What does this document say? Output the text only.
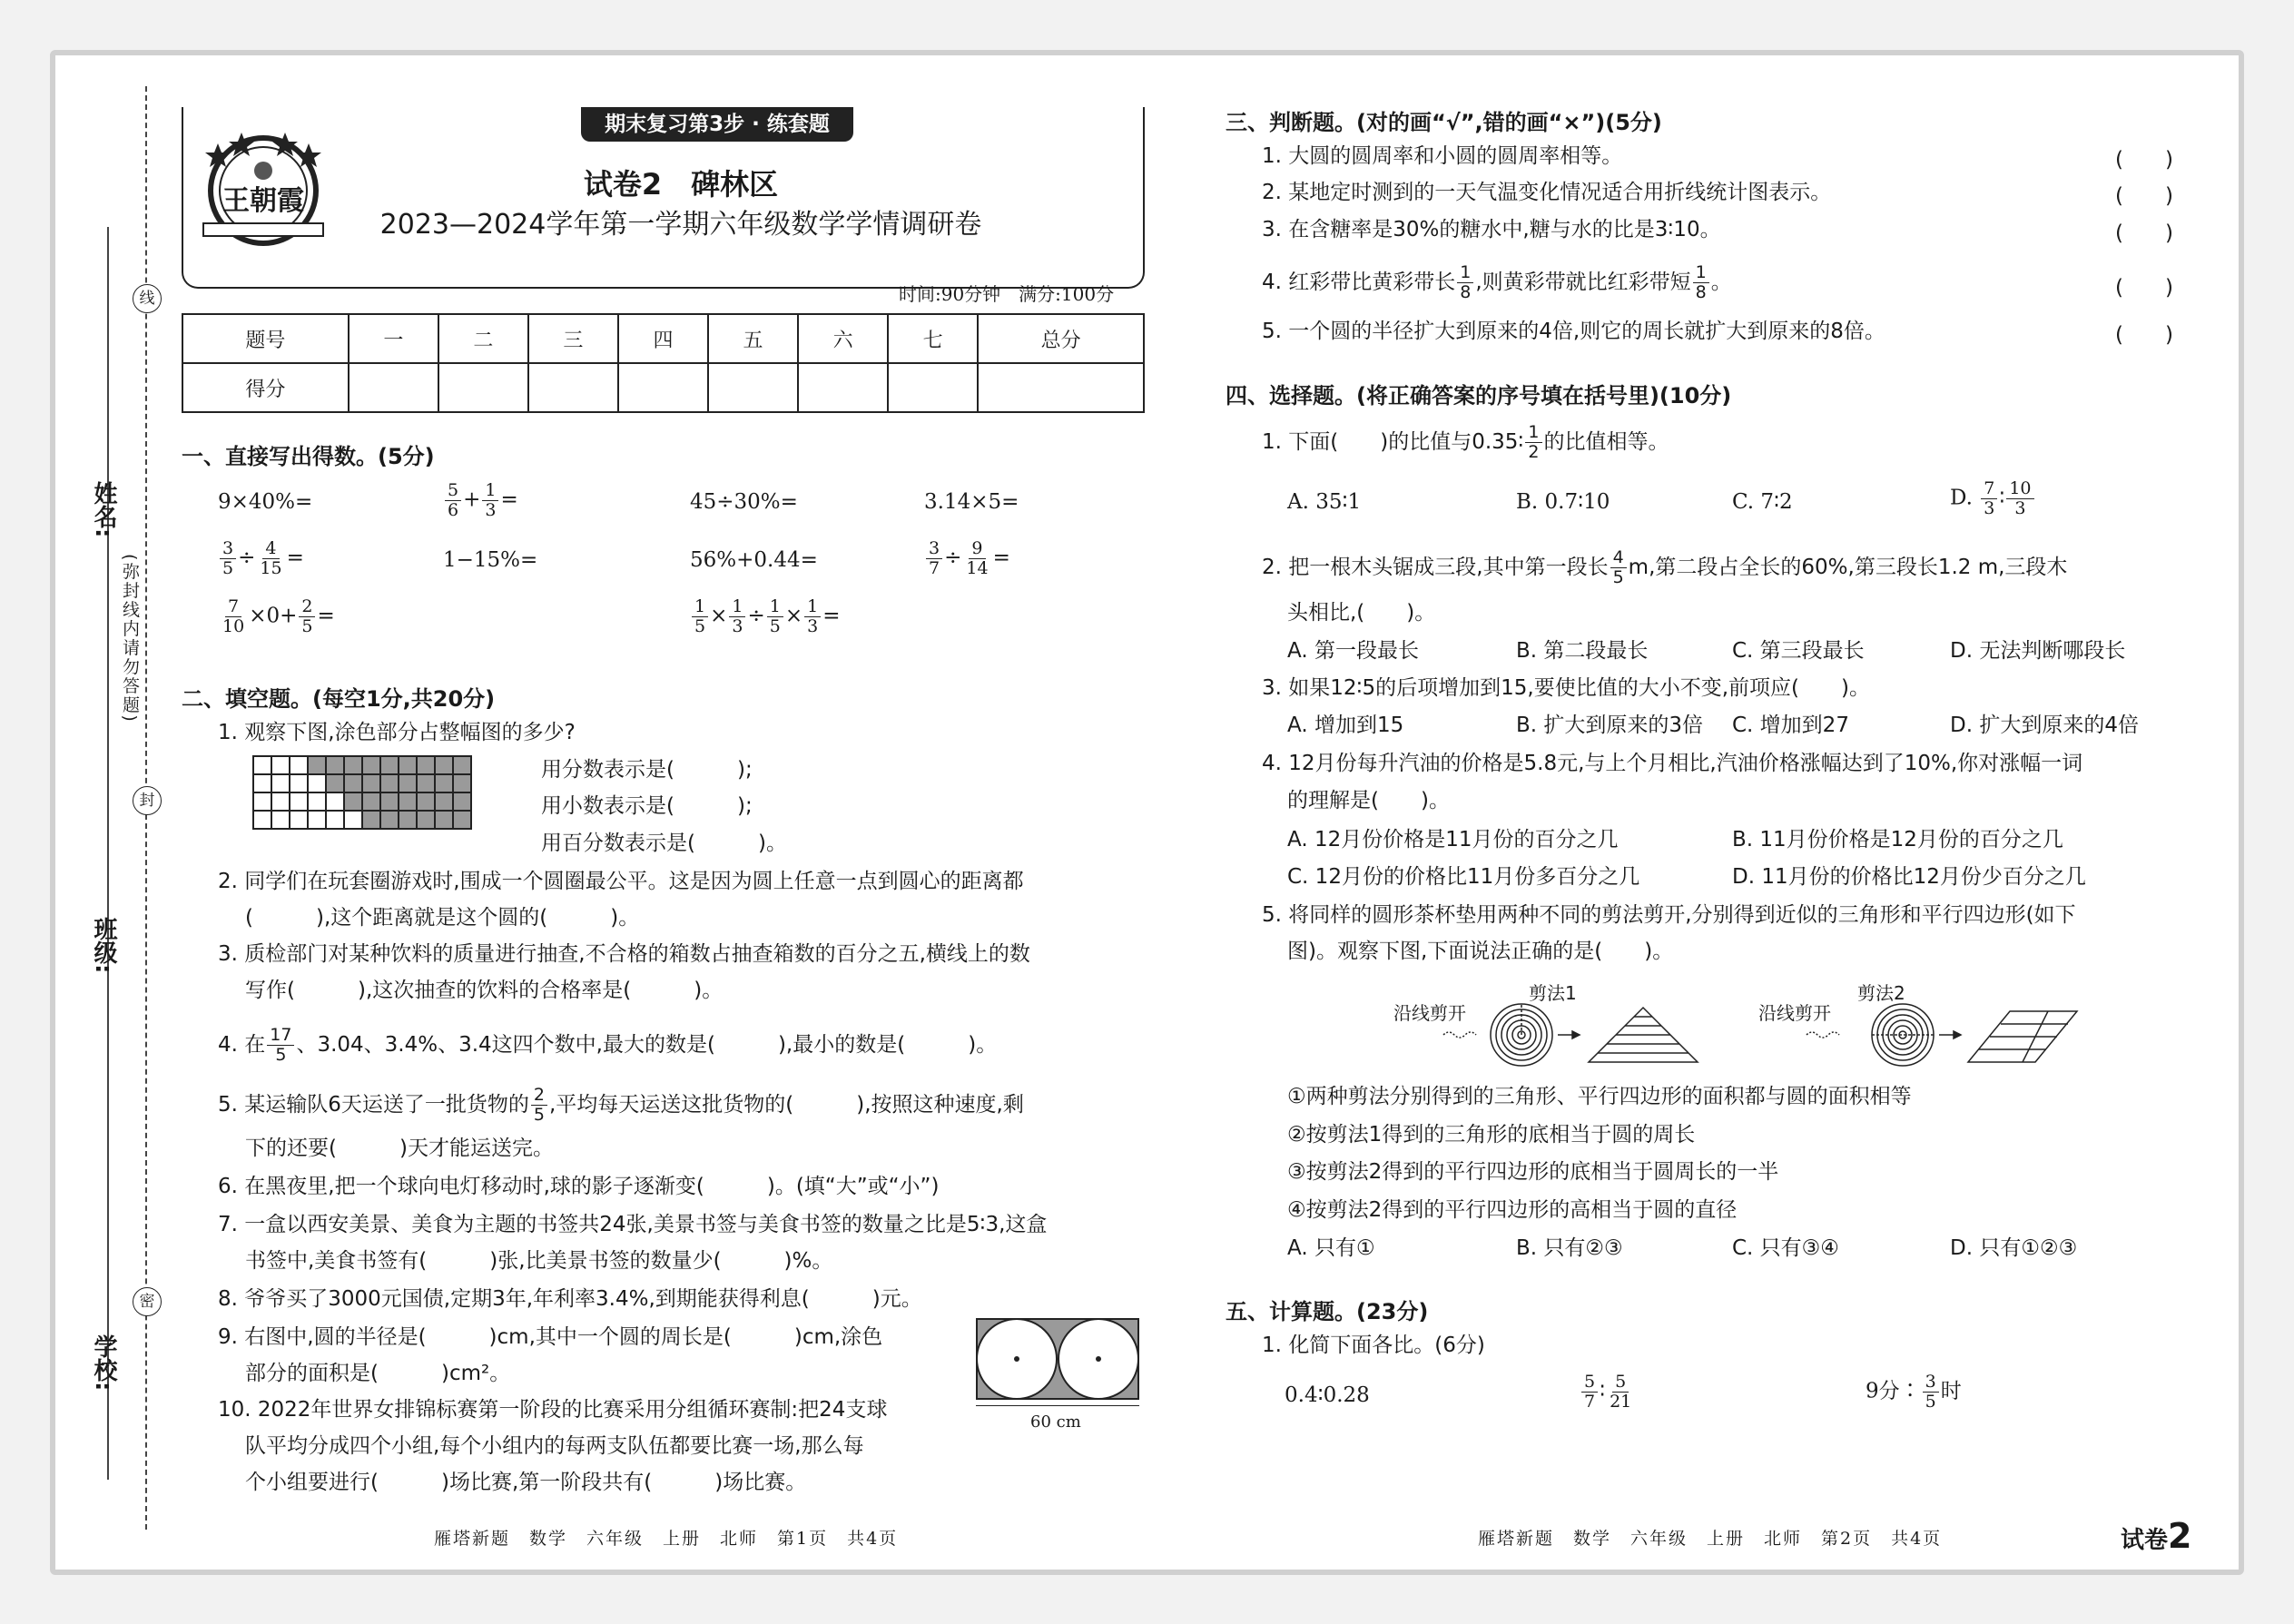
学校:
班级:
姓名:
(弥封线内请勿答题)
线
封
密
期末复习第3步 · 练套题
王朝霞	试卷2　碑林区
2023—2024学年第一学期六年级数学学情调研卷
时间:90分钟　满分:100分
题号	一	二	三	四	五	六	七	总分
得分								
一、直接写出得数。(5分)
9×40%=	$\frac{5}{6} + \frac{1}{3}$ =	45÷30%=	3.14×5=
$\frac{3}{5} \div \frac{4}{15}$ =	1−15%=	56%+0.44=	$\frac{3}{7} \div \frac{9}{14}$ =
$\frac{7}{10} \times 0+ \frac{2}{5}$ =	$\frac{1}{5} \times \frac{1}{3} \div \frac{1}{5} \times \frac{1}{3}$ =
二、填空题。(每空1分,共20分)
1. 观察下图,涂色部分占整幅图的多少?
用分数表示是(　　　);
用小数表示是(　　　);
用百分数表示是(　　　)。
2. 同学们在玩套圈游戏时,围成一个圆圈最公平。这是因为圆上任意一点到圆心的距离都
(　　　),这个距离就是这个圆的(　　　)。
3. 质检部门对某种饮料的质量进行抽查,不合格的箱数占抽查箱数的百分之五,横线上的数
写作(　　　),这次抽查的饮料的合格率是(　　　)。
4. 在 $\frac{17}{5}$ 、3.04、3.4%、3.4这四个数中,最大的数是(　　　),最小的数是(　　　)。
5. 某运输队6天运送了一批货物的 $\frac{2}{5}$ ,平均每天运送这批货物的(　　　),按照这种速度,剩
下的还要(　　　)天才能运送完。
6. 在黑夜里,把一个球向电灯移动时,球的影子逐渐变(　　　)。(填“大”或“小”)
7. 一盒以西安美景、美食为主题的书签共24张,美景书签与美食书签的数量之比是5∶3,这盒
书签中,美食书签有(　　　)张,比美景书签的数量少(　　　)%。
8. 爷爷买了3000元国债,定期3年,年利率3.4%,到期能获得利息(　　　)元。
9. 右图中,圆的半径是(　　　)cm,其中一个圆的周长是(　　　)cm,涂色
部分的面积是(　　　)cm²。
60 cm
10. 2022年世界女排锦标赛第一阶段的比赛采用分组循环赛制:把24支球
队平均分成四个小组,每个小组内的每两支队伍都要比赛一场,那么每
个小组要进行(　　　)场比赛,第一阶段共有(　　　)场比赛。
雁塔新题　数学　六年级　上册　北师　第1页　共4页
三、判断题。(对的画“√”,错的画“×”)(5分)
1. 大圆的圆周率和小圆的圆周率相等。	(　　)
2. 某地定时测到的一天气温变化情况适合用折线统计图表示。	(　　)
3. 在含糖率是30%的糖水中,糖与水的比是3∶10。	(　　)
4. 红彩带比黄彩带长 $\frac{1}{8}$ ,则黄彩带就比红彩带短 $\frac{1}{8}$ 。	(　　)
5. 一个圆的半径扩大到原来的4倍,则它的周长就扩大到原来的8倍。	(　　)
四、选择题。(将正确答案的序号填在括号里)(10分)
1. 下面(　　)的比值与0.35∶ $\frac{1}{2}$ 的比值相等。
A. 35∶1	B. 0.7∶10	C. 7∶2	D. $\frac{7}{3}$ ∶ $\frac{10}{3}$
2. 把一根木头锯成三段,其中第一段长 $\frac{4}{5} m$,第二段占全长的60%,第三段长1.2 m,三段木
头相比,(　　)。
A. 第一段最长	B. 第二段最长	C. 第三段最长	D. 无法判断哪段长
3. 如果12∶5的后项增加到15,要使比值的大小不变,前项应(　　)。
A. 增加到15	B. 扩大到原来的3倍 C. 增加到27	D. 扩大到原来的4倍
4. 12月份每升汽油的价格是5.8元,与上个月相比,汽油价格涨幅达到了10%,你对涨幅一词
的理解是(　　)。
A. 12月份价格是11月份的百分之几	B. 11月份价格是12月份的百分之几
C. 12月份的价格比11月份多百分之几	D. 11月份的价格比12月份少百分之几
5. 将同样的圆形茶杯垫用两种不同的剪法剪开,分别得到近似的三角形和平行四边形(如下
图)。观察下图,下面说法正确的是(　　)。
沿线剪开
剪法1
沿线剪开
剪法2
①两种剪法分别得到的三角形、平行四边形的面积都与圆的面积相等
②按剪法1得到的三角形的底相当于圆的周长
③按剪法2得到的平行四边形的底相当于圆周长的一半
④按剪法2得到的平行四边形的高相当于圆的直径
A. 只有①	B. 只有②③	C. 只有③④	D. 只有①②③
五、计算题。(23分)
1. 化简下面各比。(6分)
0.4∶0.28	$\frac{5}{7}$ ∶ $\frac{5}{21}$	9分∶ $\frac{3}{5}$ 时
雁塔新题　数学　六年级　上册　北师　第2页　共4页	试卷2
